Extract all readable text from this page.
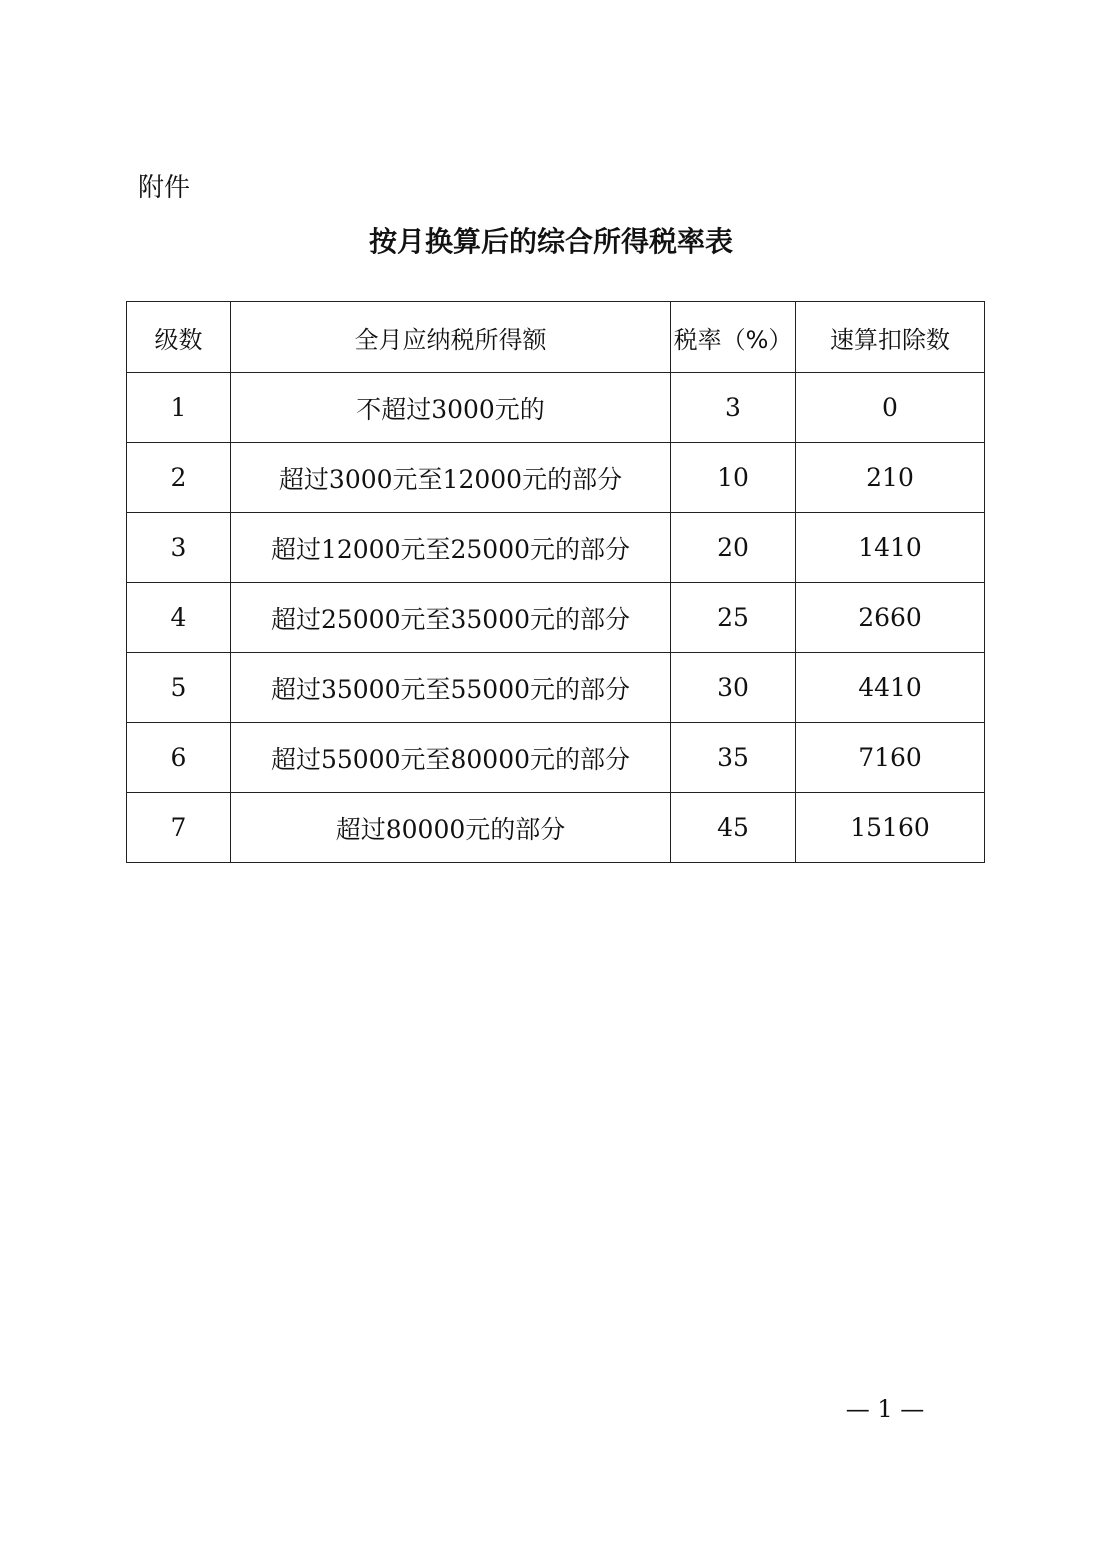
附件
按月换算后的综合所得税率表
级数	全月应纳税所得额	税率（%）	速算扣除数
1	不超过3000元的	3	0
2	超过3000元至12000元的部分	10	210
3	超过12000元至25000元的部分	20	1410
4	超过25000元至35000元的部分	25	2660
5	超过35000元至55000元的部分	30	4410
6	超过55000元至80000元的部分	35	7160
7	超过80000元的部分	45	15160
— 1 —
